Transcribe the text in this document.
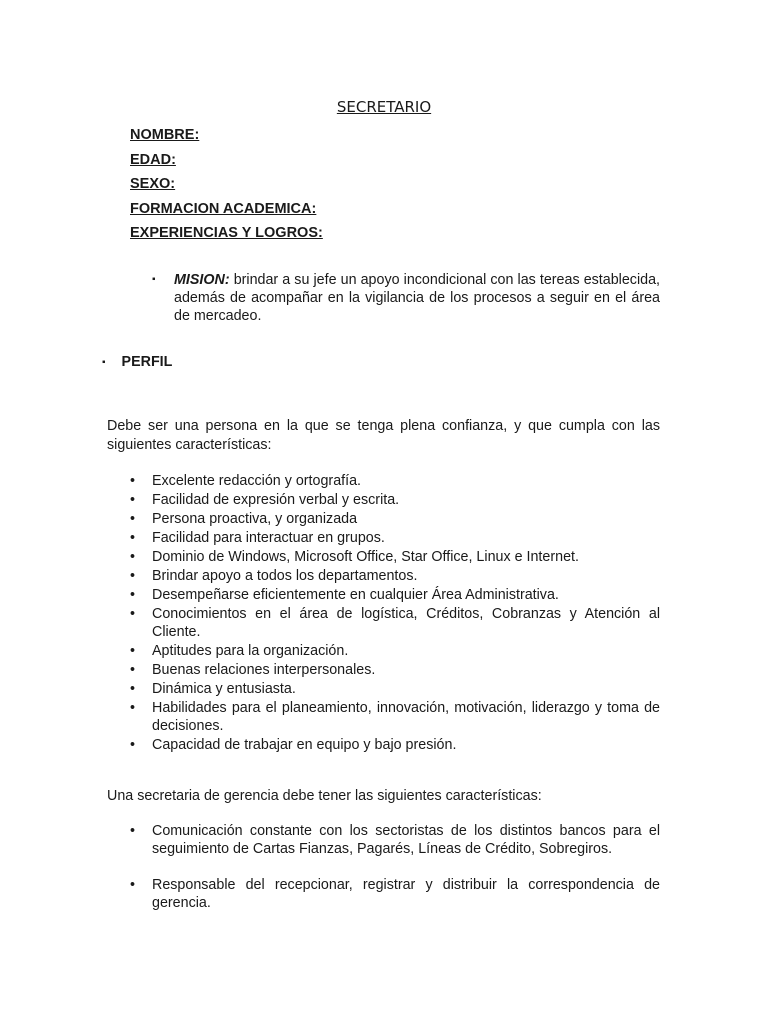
SECRETARIO
NOMBRE:
EDAD:
SEXO:
FORMACION ACADEMICA:
EXPERIENCIAS Y LOGROS:
▪	MISION: brindar a su jefe un apoyo incondicional con las tereas establecida, además de acompañar en la vigilancia de los procesos a seguir en el área de mercadeo.
▪ PERFIL
Debe ser una persona en la que se tenga plena confianza, y que cumpla con las siguientes características:
• Excelente redacción y ortografía.
• Facilidad de expresión verbal y escrita.
• Persona proactiva, y organizada
• Facilidad para interactuar en grupos.
• Dominio de Windows, Microsoft Office, Star Office, Linux e Internet.
• Brindar apoyo a todos los departamentos.
• Desempeñarse eficientemente en cualquier Área Administrativa.
• Conocimientos en el área de logística, Créditos, Cobranzas y Atención al Cliente.
• Aptitudes para la organización.
• Buenas relaciones interpersonales.
• Dinámica y entusiasta.
• Habilidades para el planeamiento, innovación, motivación, liderazgo y toma de decisiones.
• Capacidad de trabajar en equipo y bajo presión.
Una secretaria de gerencia debe tener las siguientes características:
• Comunicación constante con los sectoristas de los distintos bancos para el seguimiento de Cartas Fianzas, Pagarés, Líneas de Crédito, Sobregiros.
• Responsable del recepcionar, registrar y distribuir la correspondencia de gerencia.
